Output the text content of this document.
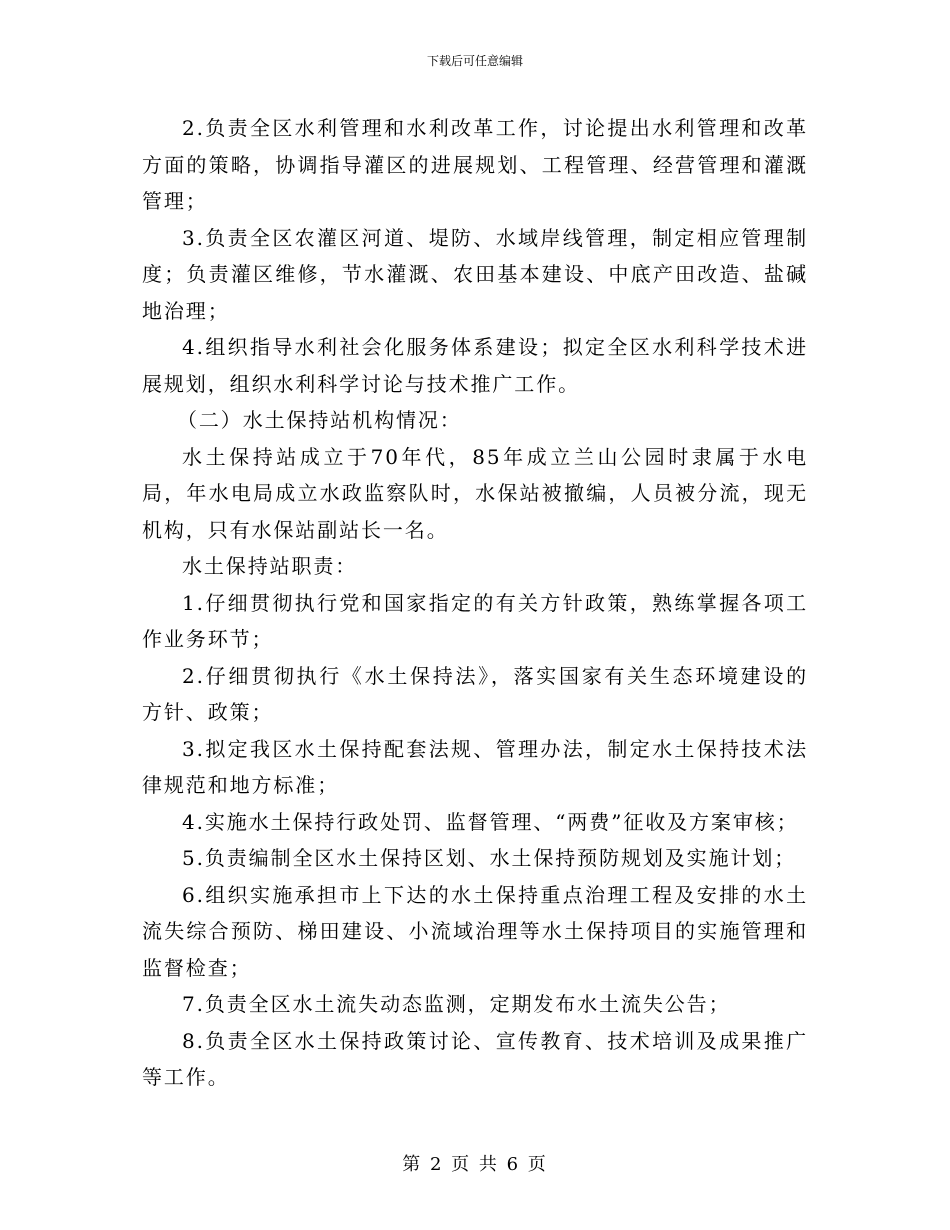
下载后可任意编辑

2.负责全区水利管理和水利改革工作，讨论提出水利管理和改革方面的策略，协调指导灌区的进展规划、工程管理、经营管理和灌溉管理；

3.负责全区农灌区河道、堤防、水域岸线管理，制定相应管理制度；负责灌区维修，节水灌溉、农田基本建设、中底产田改造、盐碱地治理；

4.组织指导水利社会化服务体系建设；拟定全区水利科学技术进展规划，组织水利科学讨论与技术推广工作。

（二）水土保持站机构情况：

水土保持站成立于70年代，85年成立兰山公园时隶属于水电局，年水电局成立水政监察队时，水保站被撤编，人员被分流，现无机构，只有水保站副站长一名。

水土保持站职责：

1.仔细贯彻执行党和国家指定的有关方针政策，熟练掌握各项工作业务环节；

2.仔细贯彻执行《水土保持法》，落实国家有关生态环境建设的方针、政策；

3.拟定我区水土保持配套法规、管理办法，制定水土保持技术法律规范和地方标准；

4.实施水土保持行政处罚、监督管理、“两费”征收及方案审核；

5.负责编制全区水土保持区划、水土保持预防规划及实施计划；

6.组织实施承担市上下达的水土保持重点治理工程及安排的水土流失综合预防、梯田建设、小流域治理等水土保持项目的实施管理和监督检查；

7.负责全区水土流失动态监测，定期发布水土流失公告；

8.负责全区水土保持政策讨论、宣传教育、技术培训及成果推广等工作。

第 2 页 共 6 页
